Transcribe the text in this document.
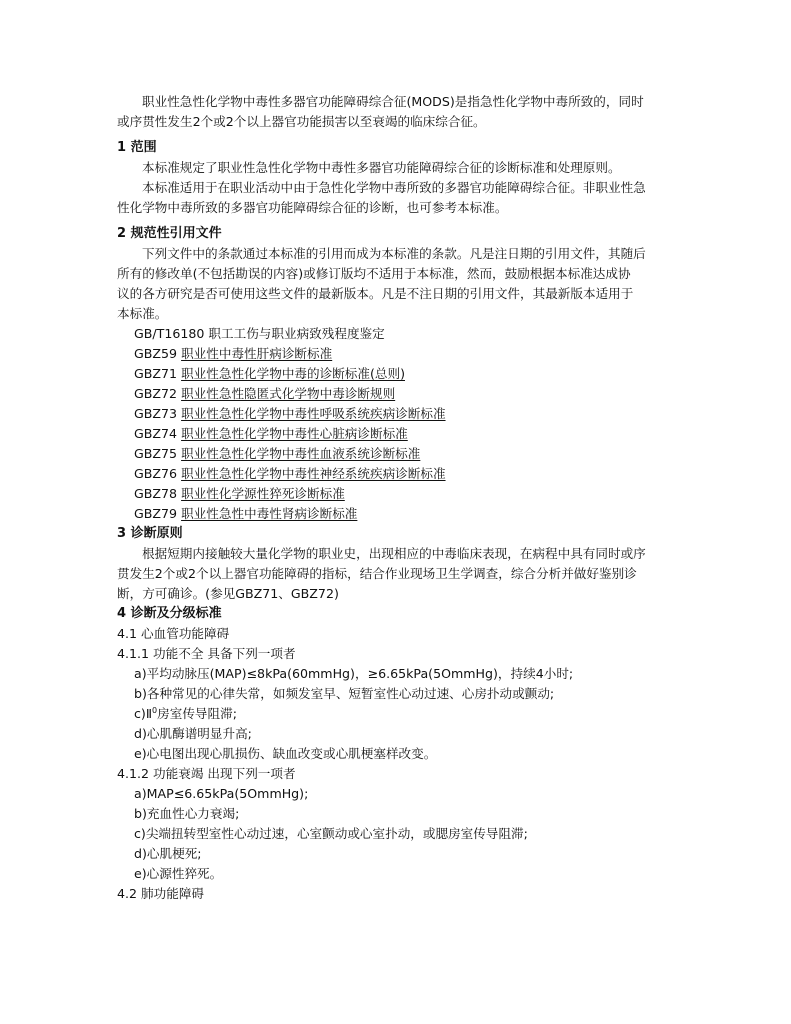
职业性急性化学物中毒性多器官功能障碍综合征(MODS)是指急性化学物中毒所致的，同时
或序贯性发生2个或2个以上器官功能损害以至衰竭的临床综合征。
1 范围
本标准规定了职业性急性化学物中毒性多器官功能障碍综合征的诊断标准和处理原则。
本标准适用于在职业活动中由于急性化学物中毒所致的多器官功能障碍综合征。非职业性急
性化学物中毒所致的多器官功能障碍综合征的诊断，也可参考本标准。
2 规范性引用文件
下列文件中的条款通过本标准的引用而成为本标准的条款。凡是注日期的引用文件，其随后
所有的修改单(不包括勘误的内容)或修订版均不适用于本标准，然而，鼓励根据本标准达成协
议的各方研究是否可使用这些文件的最新版本。凡是不注日期的引用文件，其最新版本适用于
本标准。
GB/T16180 职工工伤与职业病致残程度鉴定
GBZ59 职业性中毒性肝病诊断标准
GBZ71 职业性急性化学物中毒的诊断标准(总则)
GBZ72 职业性急性隐匿式化学物中毒诊断规则
GBZ73 职业性急性化学物中毒性呼吸系统疾病诊断标准
GBZ74 职业性急性化学物中毒性心脏病诊断标准
GBZ75 职业性急性化学物中毒性血液系统诊断标准
GBZ76 职业性急性化学物中毒性神经系统疾病诊断标准
GBZ78 职业性化学源性猝死诊断标准
GBZ79 职业性急性中毒性肾病诊断标准
3 诊断原则
根据短期内接触较大量化学物的职业史，出现相应的中毒临床表现，在病程中具有同时或序
贯发生2个或2个以上器官功能障碍的指标，结合作业现场卫生学调查，综合分析并做好鉴别诊
断，方可确诊。(参见GBZ71、GBZ72)
4 诊断及分级标准
4.1 心血管功能障碍
4.1.1 功能不全 具备下列一项者
a)平均动脉压(MAP)≤8kPa(60mmHg)，≥6.65kPa(5OmmHg)，持续4小时;
b)各种常见的心律失常，如频发室早、短暂室性心动过速、心房扑动或颤动;
c)Ⅱ$^0$房室传导阻滞;
d)心肌酶谱明显升高;
e)心电图出现心肌损伤、缺血改变或心肌梗塞样改变。
4.1.2 功能衰竭 出现下列一项者
a)MAP≤6.65kPa(5OmmHg);
b)充血性心力衰竭;
c)尖端扭转型室性心动过速，心室颤动或心室扑动，或腮房室传导阻滞;
d)心肌梗死;
e)心源性猝死。
4.2 肺功能障碍
